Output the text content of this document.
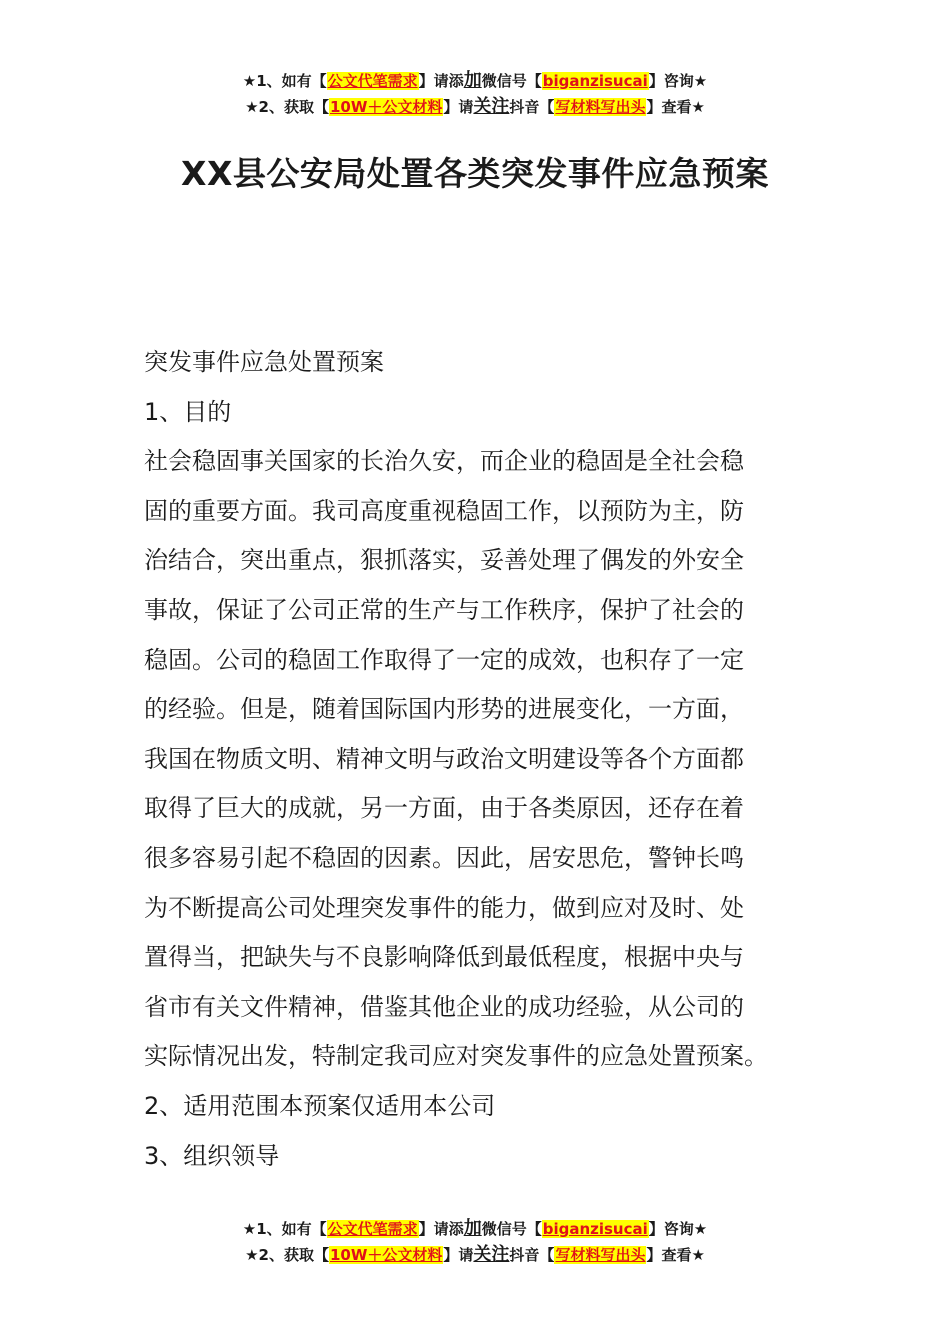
★1、如有【公文代笔需求】请添加微信号【biganzisucai】咨询★
★2、获取【10W＋公文材料】请关注抖音【写材料写出头】查看★
XX县公安局处置各类突发事件应急预案

突发事件应急处置预案

1、目的

社会稳固事关国家的长治久安，而企业的稳固是全社会稳

固的重要方面。我司高度重视稳固工作，以预防为主，防

治结合，突出重点，狠抓落实，妥善处理了偶发的外安全

事故，保证了公司正常的生产与工作秩序，保护了社会的

稳固。公司的稳固工作取得了一定的成效，也积存了一定

的经验。但是，随着国际国内形势的进展变化，一方面，

我国在物质文明、精神文明与政治文明建设等各个方面都

取得了巨大的成就，另一方面，由于各类原因，还存在着

很多容易引起不稳固的因素。因此，居安思危，警钟长鸣

为不断提高公司处理突发事件的能力，做到应对及时、处

置得当，把缺失与不良影响降低到最低程度，根据中央与

省市有关文件精神，借鉴其他企业的成功经验，从公司的

实际情况出发，特制定我司应对突发事件的应急处置预案。

2、适用范围本预案仅适用本公司

3、组织领导

★1、如有【公文代笔需求】请添加微信号【biganzisucai】咨询★
★2、获取【10W＋公文材料】请关注抖音【写材料写出头】查看★
